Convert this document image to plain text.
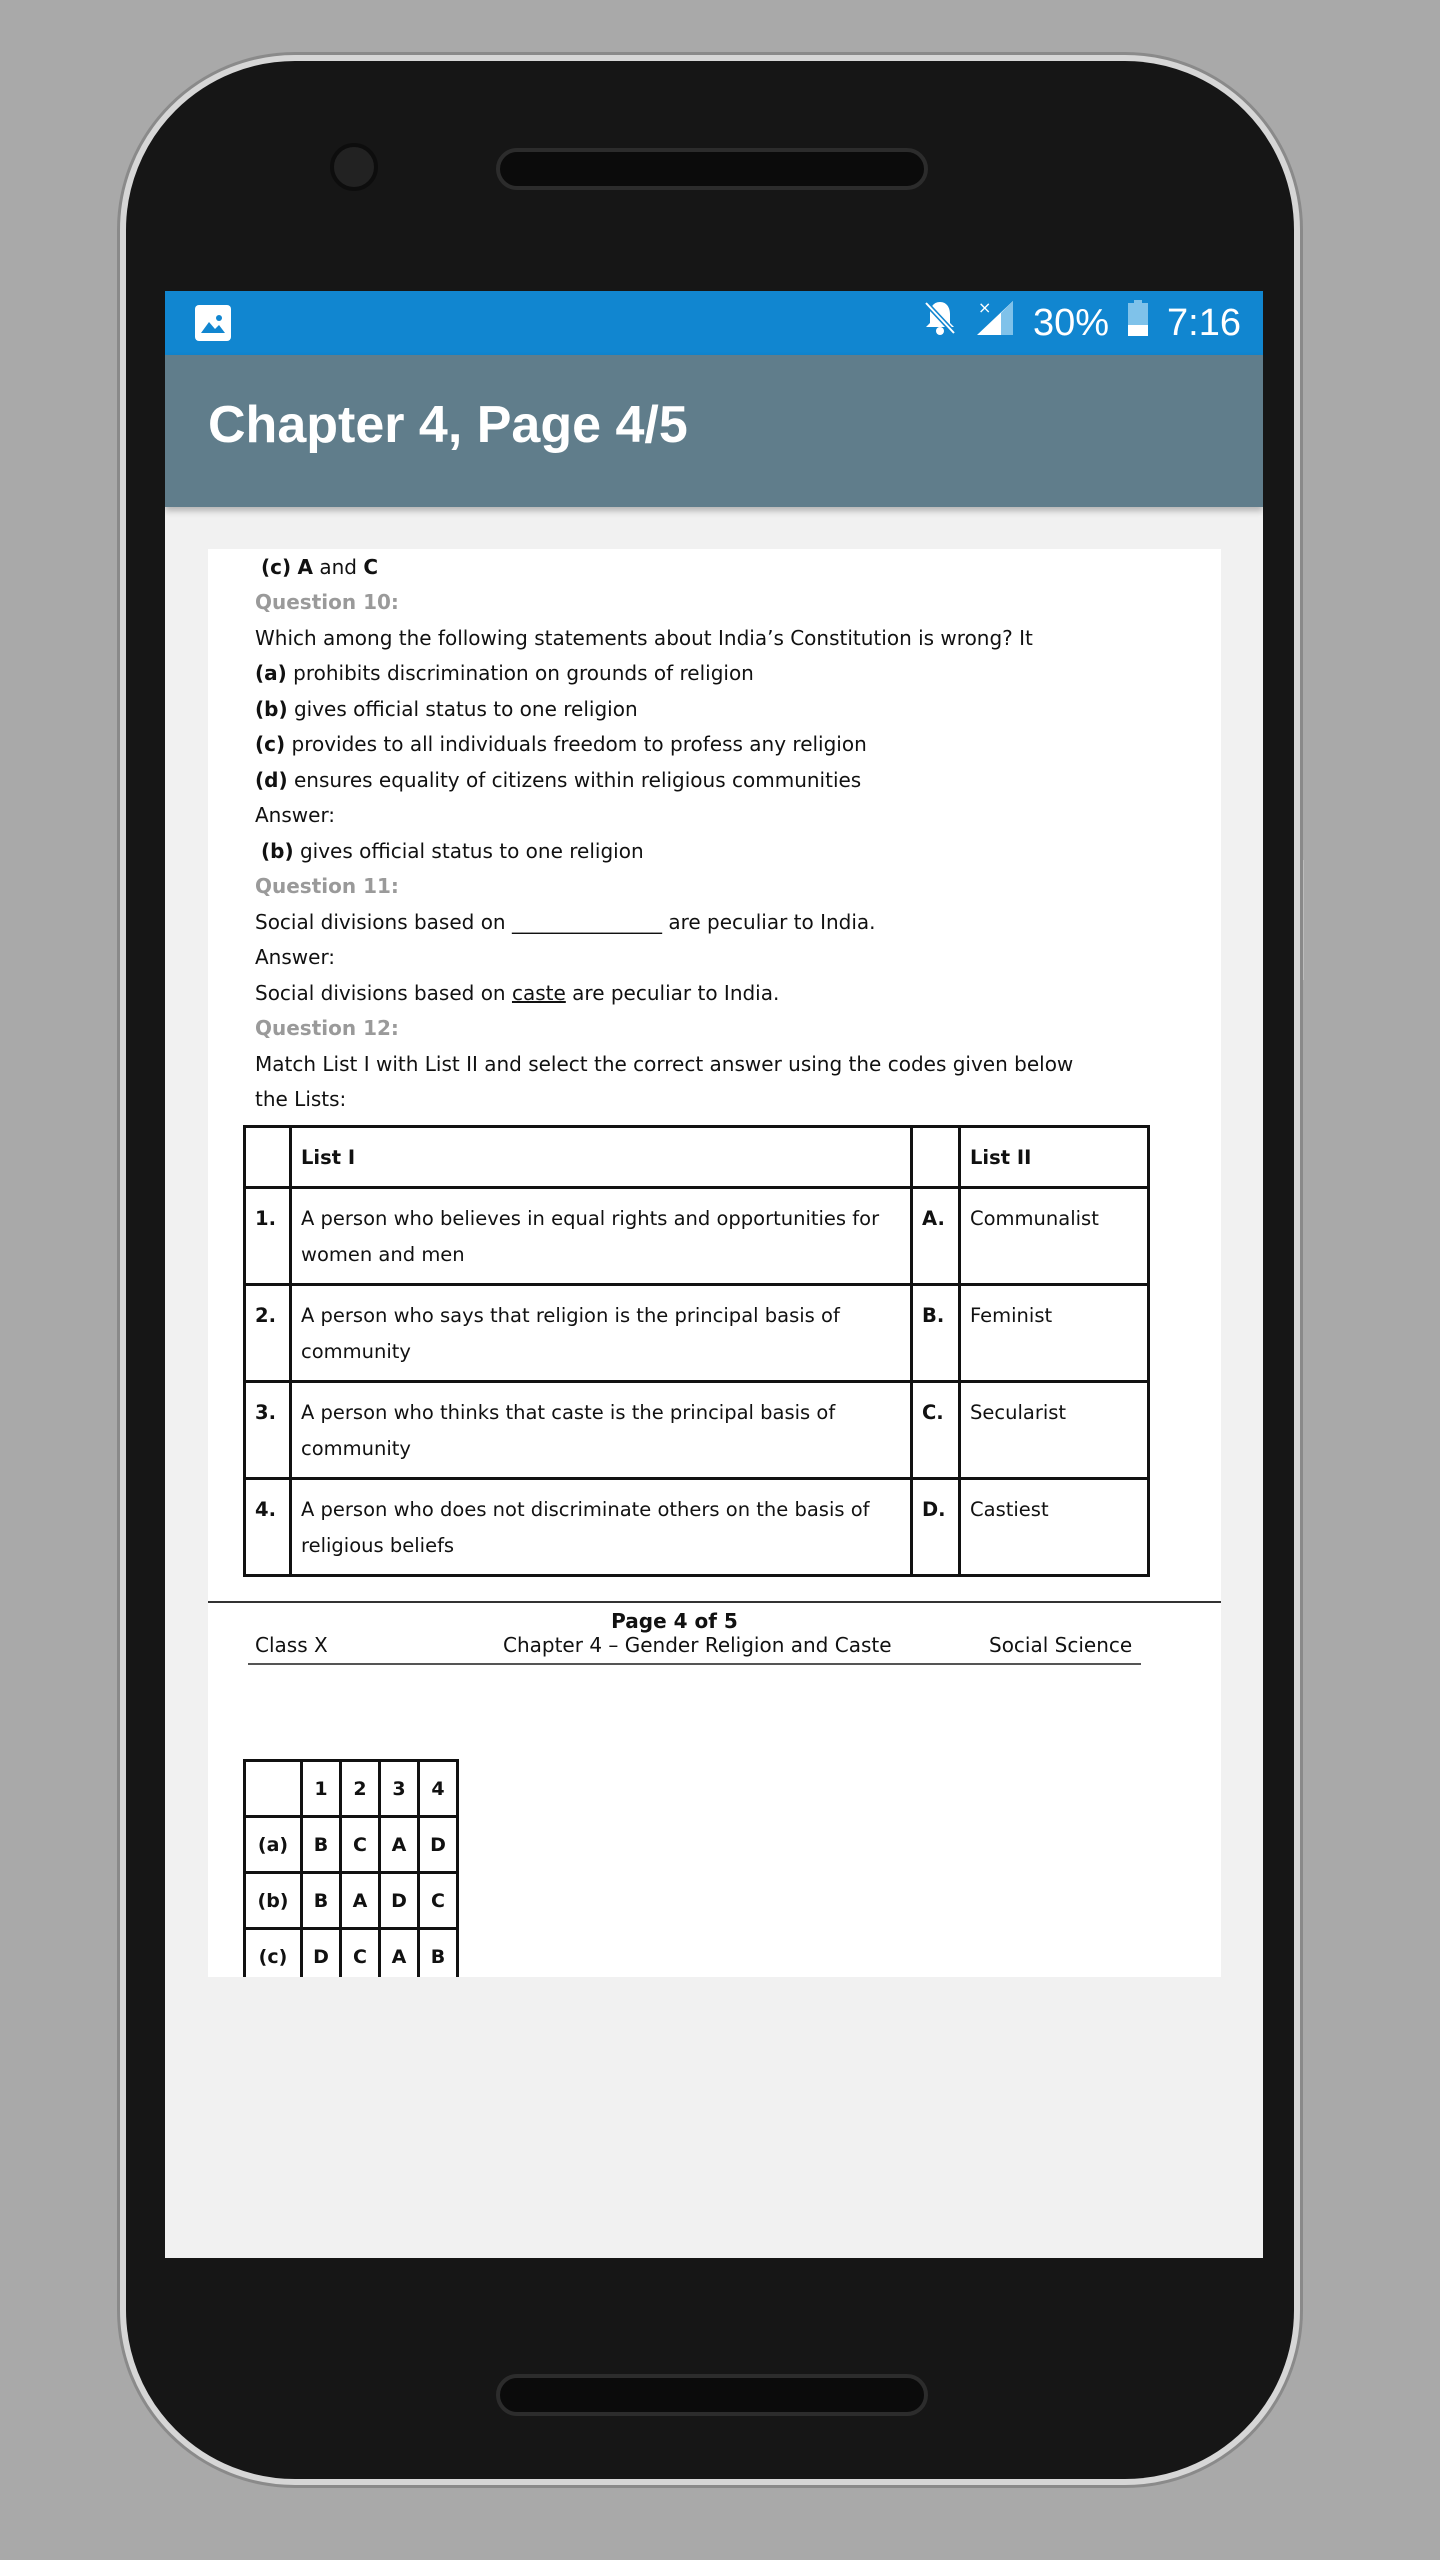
× 30% 7:16
Chapter 4, Page 4/5
(c) A and C
Question 10:
Which among the following statements about India’s Constitution is wrong? It
(a) prohibits discrimination on grounds of religion
(b) gives official status to one religion
(c) provides to all individuals freedom to profess any religion
(d) ensures equality of citizens within religious communities
Answer:
(b) gives official status to one religion
Question 11:
Social divisions based on _______________ are peculiar to India.
Answer:
Social divisions based on caste are peculiar to India.
Question 12:
Match List I with List II and select the correct answer using the codes given below
the Lists:
	List I		List II
1.	A person who believes in equal rights and opportunities for
women and men	A.	Communalist
2.	A person who says that religion is the principal basis of
community	B.	Feminist
3.	A person who thinks that caste is the principal basis of
community	C.	Secularist
4.	A person who does not discriminate others on the basis of
religious beliefs	D.	Castiest
Page 4 of 5
Class X	Chapter 4 – Gender Religion and Caste	Social Science
	1	2	3	4
(a)	B	C	A	D
(b)	B	A	D	C
(c)	D	C	A	B
